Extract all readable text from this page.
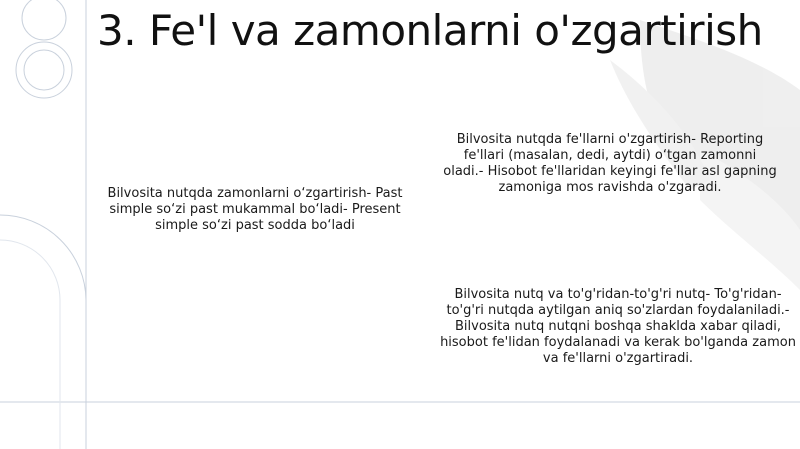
3. Fe'l va zamonlarni o'zgartirish
Bilvosita nutqda zamonlarni o‘zgartirish- Past simple so‘zi past mukammal bo‘ladi- Present simple so‘zi past sodda bo‘ladi
Bilvosita nutqda fe'llarni o'zgartirish- Reporting fe'llari (masalan, dedi, aytdi) o‘tgan zamonni oladi.- Hisobot fe'llaridan keyingi fe'llar asl gapning zamoniga mos ravishda o'zgaradi.
Bilvosita nutq va to'g'ridan-to'g'ri nutq- To'g'ridan-to'g'ri nutqda aytilgan aniq so'zlardan foydalaniladi.- Bilvosita nutq nutqni boshqa shaklda xabar qiladi, hisobot fe'lidan foydalanadi va kerak bo'lganda zamon va fe'llarni o'zgartiradi.
